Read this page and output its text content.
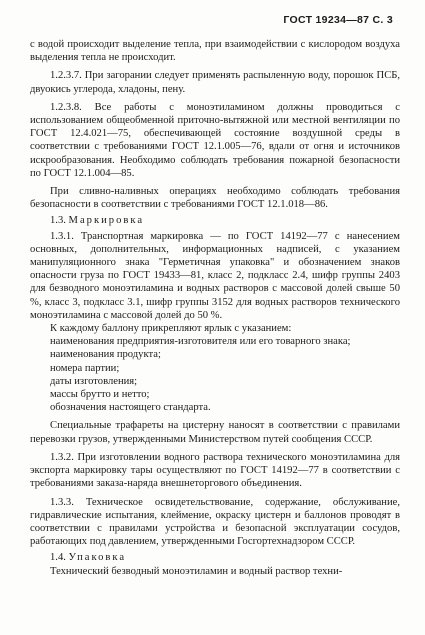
ГОСТ 19234—87 С. 3

с водой происходит выделение тепла, при взаимодействии с кислородом воздуха выделения тепла не происходит.

1.2.3.7. При загорании следует применять распыленную воду, порошок ПСБ, двуокись углерода, хладоны, пену.

1.2.3.8. Все работы с моноэтиламином должны проводиться с использованием общеобменной приточно-вытяжной или местной вентиляции по ГОСТ 12.4.021—75, обеспечивающей состояние воздушной среды в соответствии с требованиями ГОСТ 12.1.005—76, вдали от огня и источников искрообразования. Необходимо соблюдать требования пожарной безопасности по ГОСТ 12.1.004—85.

При сливно-наливных операциях необходимо соблюдать требования безопасности в соответствии с требованиями ГОСТ 12.1.018—86.

1.3. Маркировка

1.3.1. Транспортная маркировка — по ГОСТ 14192—77 с нанесением основных, дополнительных, информационных надписей, с указанием манипуляционного знака "Герметичная упаковка" и обозначением знаков опасности груза по ГОСТ 19433—81, класс 2, подкласс 2.4, шифр группы 2403 для безводного моноэтиламина и водных растворов с массовой долей свыше 50 %, класс 3, подкласс 3.1, шифр группы 3152 для водных растворов технического моноэтиламина с массовой долей до 50 %.

К каждому баллону прикрепляют ярлык с указанием:

наименования предприятия-изготовителя или его товарного знака;

наименования продукта;

номера партии;

даты изготовления;

массы брутто и нетто;

обозначения настоящего стандарта.

Специальные трафареты на цистерну наносят в соответствии с правилами перевозки грузов, утвержденными Министерством путей сообщения СССР.

1.3.2. При изготовлении водного раствора технического моноэтиламина для экспорта маркировку тары осуществляют по ГОСТ 14192—77 в соответствии с требованиями заказа-наряда внешнеторгового объединения.

1.3.3. Техническое освидетельствование, содержание, обслуживание, гидравлические испытания, клеймение, окраску цистерн и баллонов проводят в соответствии с правилами устройства и безопасной эксплуатации сосудов, работающих под давлением, утвержденными Госгортехнадзором СССР.

1.4. Упаковка

Технический безводный моноэтиламин и водный раствор техни-
